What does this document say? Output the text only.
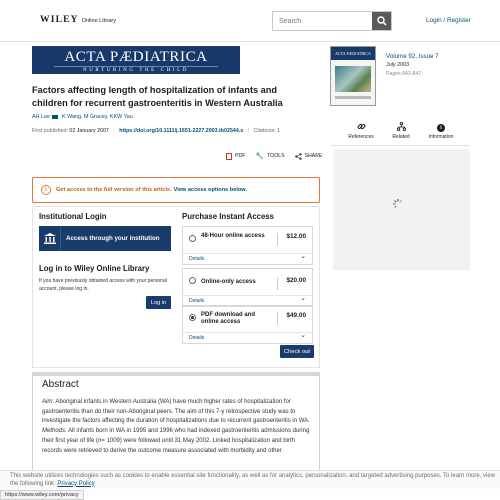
WILEY Online Library
Search	Login / Register
ACTA PÆDIATRICA
NURTURING THE CHILD
Factors affecting length of hospitalization of infants and children for recurrent gastroenteritis in Western Australia
AH Lee K Wang, M Gracey, KKW Yau
First published: 02 January 2007 | https://doi.org/10.1111/j.1651-2227.2003.tb02544.x | Citations: 1
PDF 🔧 TOOLS	SHARE
i	Get access to the full version of this article. View access options below.
Institutional Login
Access through your institution
Log in to Wiley Online Library
If you have previously obtained access with your personal account, please log in.
Log in
Purchase Instant Access
48-Hour online access	$12.00
Details ⌄
Online-only access	$20.00
Details ⌄
PDF download and online access
$49.00
Details ⌄
Check out
Abstract

Aim: Aboriginal infants in Western Australia (WA) have much higher rates of hospitalization for gastroenteritis than do their non-Aboriginal peers. The aim of this 7-y retrospective study was to investigate the factors affecting the duration of hospitalizations due to recurrent gastroenteritis in WA. Methods: All infants born in WA in 1995 and 1996 who had indexed gastroenteritis admissions during their first year of life (n= 1009) were followed until 31 May 2002. Linked hospitalization and birth records were retrieved to derive the outcome measure associated with morbidity and other

ACTA PÆDIATRICA	Volume 92, Issue 7
July 2003
Pages 843-847
References	Related
i
Information
This website utilizes technologies such as cookies to enable essential site functionality, as well as for analytics, personalization, and targeted advertising purposes. To learn more, view the following link: Privacy Policy
https://www.wiley.com/privacy
